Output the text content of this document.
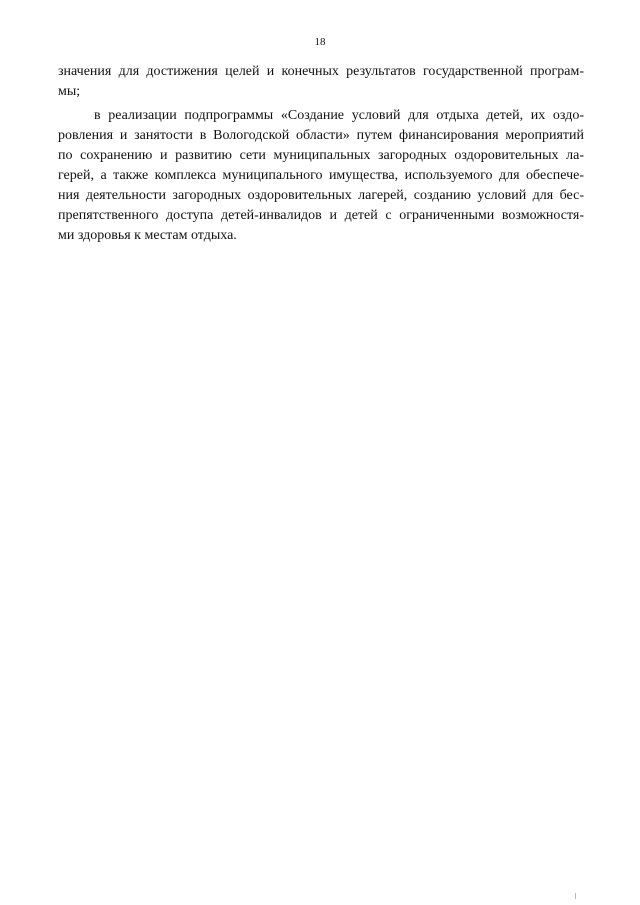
18
значения для достижения целей и конечных результатов государственной програм-
мы;
в реализации подпрограммы «Создание условий для отдыха детей, их оздо-
ровления и занятости в Вологодской области» путем финансирования мероприятий
по сохранению и развитию сети муниципальных загородных оздоровительных ла-
герей, а также комплекса муниципального имущества, используемого для обеспече-
ния деятельности загородных оздоровительных лагерей, созданию условий для бес-
препятственного доступа детей-инвалидов и детей с ограниченными возможностя-
ми здоровья к местам отдыха.
